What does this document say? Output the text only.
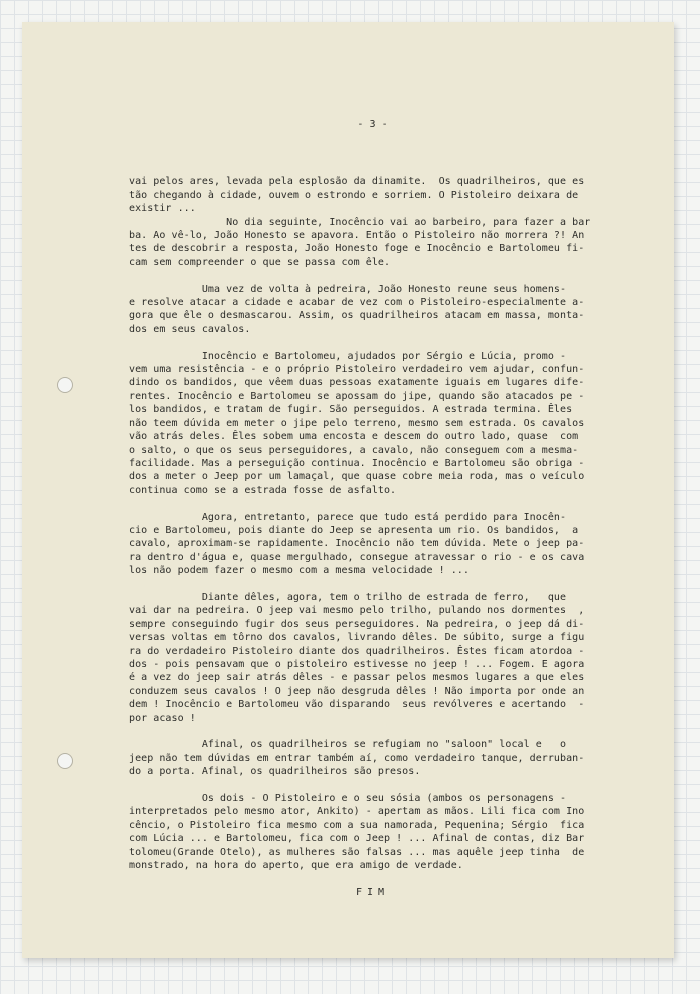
- 3 -
vai pelos ares, levada pela esplosão da dinamite.  Os quadrilheiros, que es
tão chegando à cidade, ouvem o estrondo e sorriem. O Pistoleiro deixara de
existir ...
No dia seguinte, Inocêncio vai ao barbeiro, para fazer a bar
ba. Ao vê-lo, João Honesto se apavora. Então o Pistoleiro não morrera ?! An
tes de descobrir a resposta, João Honesto foge e Inocêncio e Bartolomeu fi-
cam sem compreender o que se passa com êle.
Uma vez de volta à pedreira, João Honesto reune seus homens-
e resolve atacar a cidade e acabar de vez com o Pistoleiro-especialmente a-
gora que êle o desmascarou. Assim, os quadrilheiros atacam em massa, monta-
dos em seus cavalos.
Inocêncio e Bartolomeu, ajudados por Sérgio e Lúcia, promo -
vem uma resistência - e o próprio Pistoleiro verdadeiro vem ajudar, confun-
dindo os bandidos, que vêem duas pessoas exatamente iguais em lugares dife-
rentes. Inocêncio e Bartolomeu se apossam do jipe, quando são atacados pe -
los bandidos, e tratam de fugir. São perseguidos. A estrada termina. Êles
não teem dúvida em meter o jipe pelo terreno, mesmo sem estrada. Os cavalos
vão atrás deles. Êles sobem uma encosta e descem do outro lado, quase  com
o salto, o que os seus perseguidores, a cavalo, não conseguem com a mesma-
facilidade. Mas a perseguição continua. Inocêncio e Bartolomeu são obriga -
dos a meter o Jeep por um lamaçal, que quase cobre meia roda, mas o veículo
continua como se a estrada fosse de asfalto.
Agora, entretanto, parece que tudo está perdido para Inocên-
cio e Bartolomeu, pois diante do Jeep se apresenta um rio. Os bandidos,  a
cavalo, aproximam-se rapidamente. Inocêncio não tem dúvida. Mete o jeep pa-
ra dentro d'água e, quase mergulhado, consegue atravessar o rio - e os cava
los não podem fazer o mesmo com a mesma velocidade ! ...
Diante dêles, agora, tem o trilho de estrada de ferro,   que
vai dar na pedreira. O jeep vai mesmo pelo trilho, pulando nos dormentes  ,
sempre conseguindo fugir dos seus perseguidores. Na pedreira, o jeep dá di-
versas voltas em tôrno dos cavalos, livrando dêles. De súbito, surge a figu
ra do verdadeiro Pistoleiro diante dos quadrilheiros. Êstes ficam atordoa -
dos - pois pensavam que o pistoleiro estivesse no jeep ! ... Fogem. E agora
é a vez do jeep sair atrás dêles - e passar pelos mesmos lugares a que eles
conduzem seus cavalos ! O jeep não desgruda dêles ! Não importa por onde an
dem ! Inocêncio e Bartolomeu vão disparando  seus revólveres e acertando  -
por acaso !
Afinal, os quadrilheiros se refugiam no "saloon" local e   o
jeep não tem dúvidas em entrar também aí, como verdadeiro tanque, derruban-
do a porta. Afinal, os quadrilheiros são presos.
Os dois - O Pistoleiro e o seu sósia (ambos os personagens -
interpretados pelo mesmo ator, Ankito) - apertam as mãos. Lili fica com Ino
cêncio, o Pistoleiro fica mesmo com a sua namorada, Pequenina; Sérgio  fica
com Lúcia ... e Bartolomeu, fica com o Jeep ! ... Afinal de contas, diz Bar
tolomeu(Grande Otelo), as mulheres são falsas ... mas aquêle jeep tinha  de
monstrado, na hora do aperto, que era amigo de verdade.
FIM
